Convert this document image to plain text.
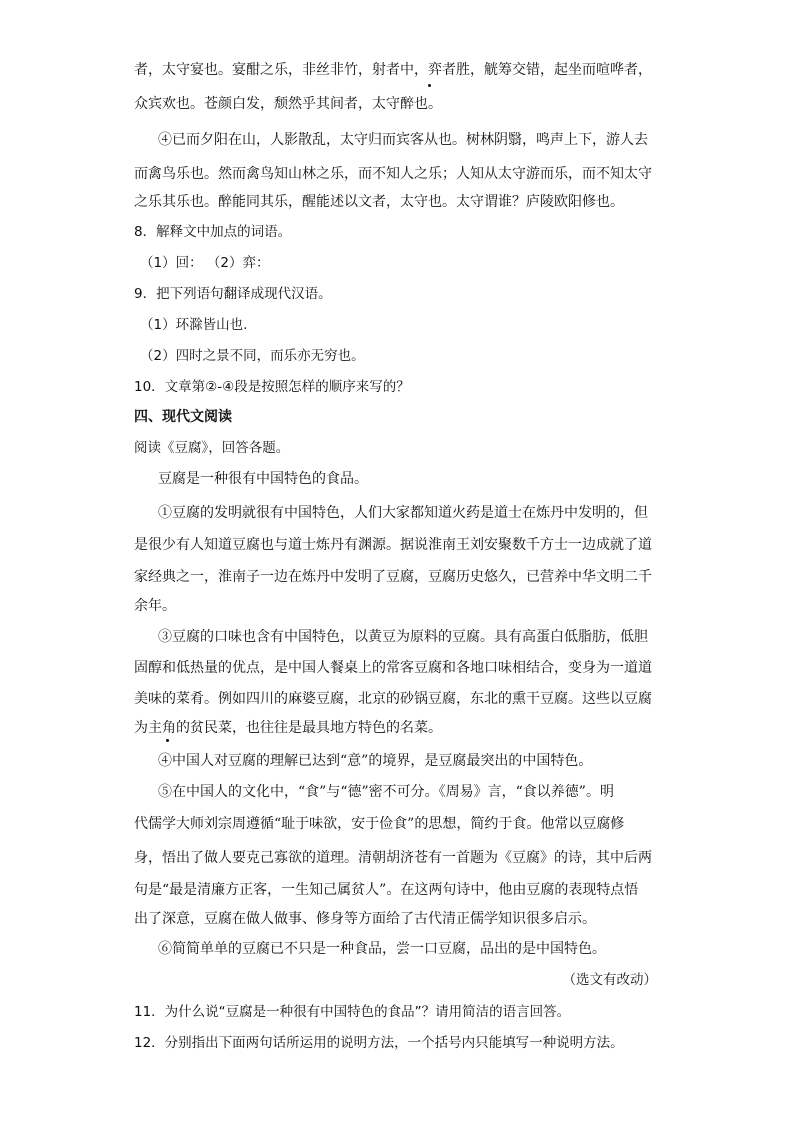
者，太守宴也。宴酣之乐，非丝非竹，射者中，弈者胜，觥筹交错，起坐而喧哗者，
众宾欢也。苍颜白发，颓然乎其间者，太守醉也。
④已而夕阳在山，人影散乱，太守归而宾客从也。树林阴翳，鸣声上下，游人去
而禽鸟乐也。然而禽鸟知山林之乐，而不知人之乐；人知从太守游而乐，而不知太守
之乐其乐也。醉能同其乐，醒能述以文者，太守也。太守谓谁？庐陵欧阳修也。
8．解释文中加点的词语。
（1）回： （2）弈：
9．把下列语句翻译成现代汉语。
（1）环滁皆山也.
（2）四时之景不同，而乐亦无穷也。
10．文章第②-④段是按照怎样的顺序来写的？
四、现代文阅读
阅读《豆腐》，回答各题。
豆腐是一种很有中国特色的食品。
①豆腐的发明就很有中国特色，人们大家都知道火药是道士在炼丹中发明的，但
是很少有人知道豆腐也与道士炼丹有渊源。据说淮南王刘安聚数千方士一边成就了道
家经典之一，淮南子一边在炼丹中发明了豆腐，豆腐历史悠久，已营养中华文明二千
余年。
③豆腐的口味也含有中国特色，以黄豆为原料的豆腐。具有高蛋白低脂肪，低胆
固醇和低热量的优点，是中国人餐桌上的常客豆腐和各地口味相结合，变身为一道道
美味的菜肴。例如四川的麻婆豆腐，北京的砂锅豆腐，东北的熏干豆腐。这些以豆腐
为主角的贫民菜，也往往是最具地方特色的名菜。
④中国人对豆腐的理解已达到“意”的境界，是豆腐最突出的中国特色。
⑤在中国人的文化中，“食”与“德”密不可分。《周易》言，“食以养德”。明
代儒学大师刘宗周遵循“耻于味欲，安于俭食”的思想，简约于食。他常以豆腐修
身，悟出了做人要克己寡欲的道理。清朝胡济苍有一首题为《豆腐》的诗，其中后两
句是“最是清廉方正客，一生知己属贫人”。在这两句诗中，他由豆腐的表现特点悟
出了深意，豆腐在做人做事、修身等方面给了古代清正儒学知识很多启示。
⑥简简单单的豆腐已不只是一种食品，尝一口豆腐，品出的是中国特色。
（选文有改动）
11．为什么说“豆腐是一种很有中国特色的食品”？请用简洁的语言回答。
12．分别指出下面两句话所运用的说明方法，一个括号内只能填写一种说明方法。
